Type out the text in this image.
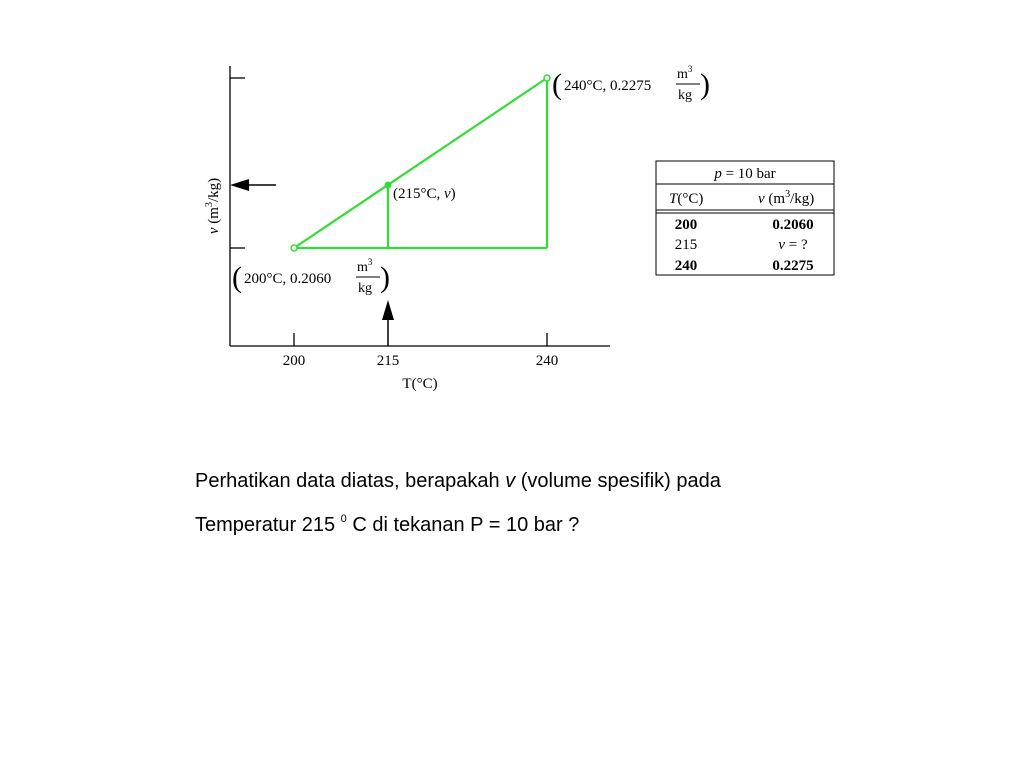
200	215	240
T(°C)
v $(m^3/kg)$
( 240°C, 0.2275
$m^3$
kg )
( 200°C, 0.2060
$m^3$
kg )
(215°C, v)
p = 10 bar
T(°C)	v $(m^3/kg)$
200	0.2060
215	v = ?
240	0.2275

Perhatikan data diatas, berapakah v (volume spesifik) pada

Temperatur 215 $^0$ C di tekanan P = 10 bar ?
